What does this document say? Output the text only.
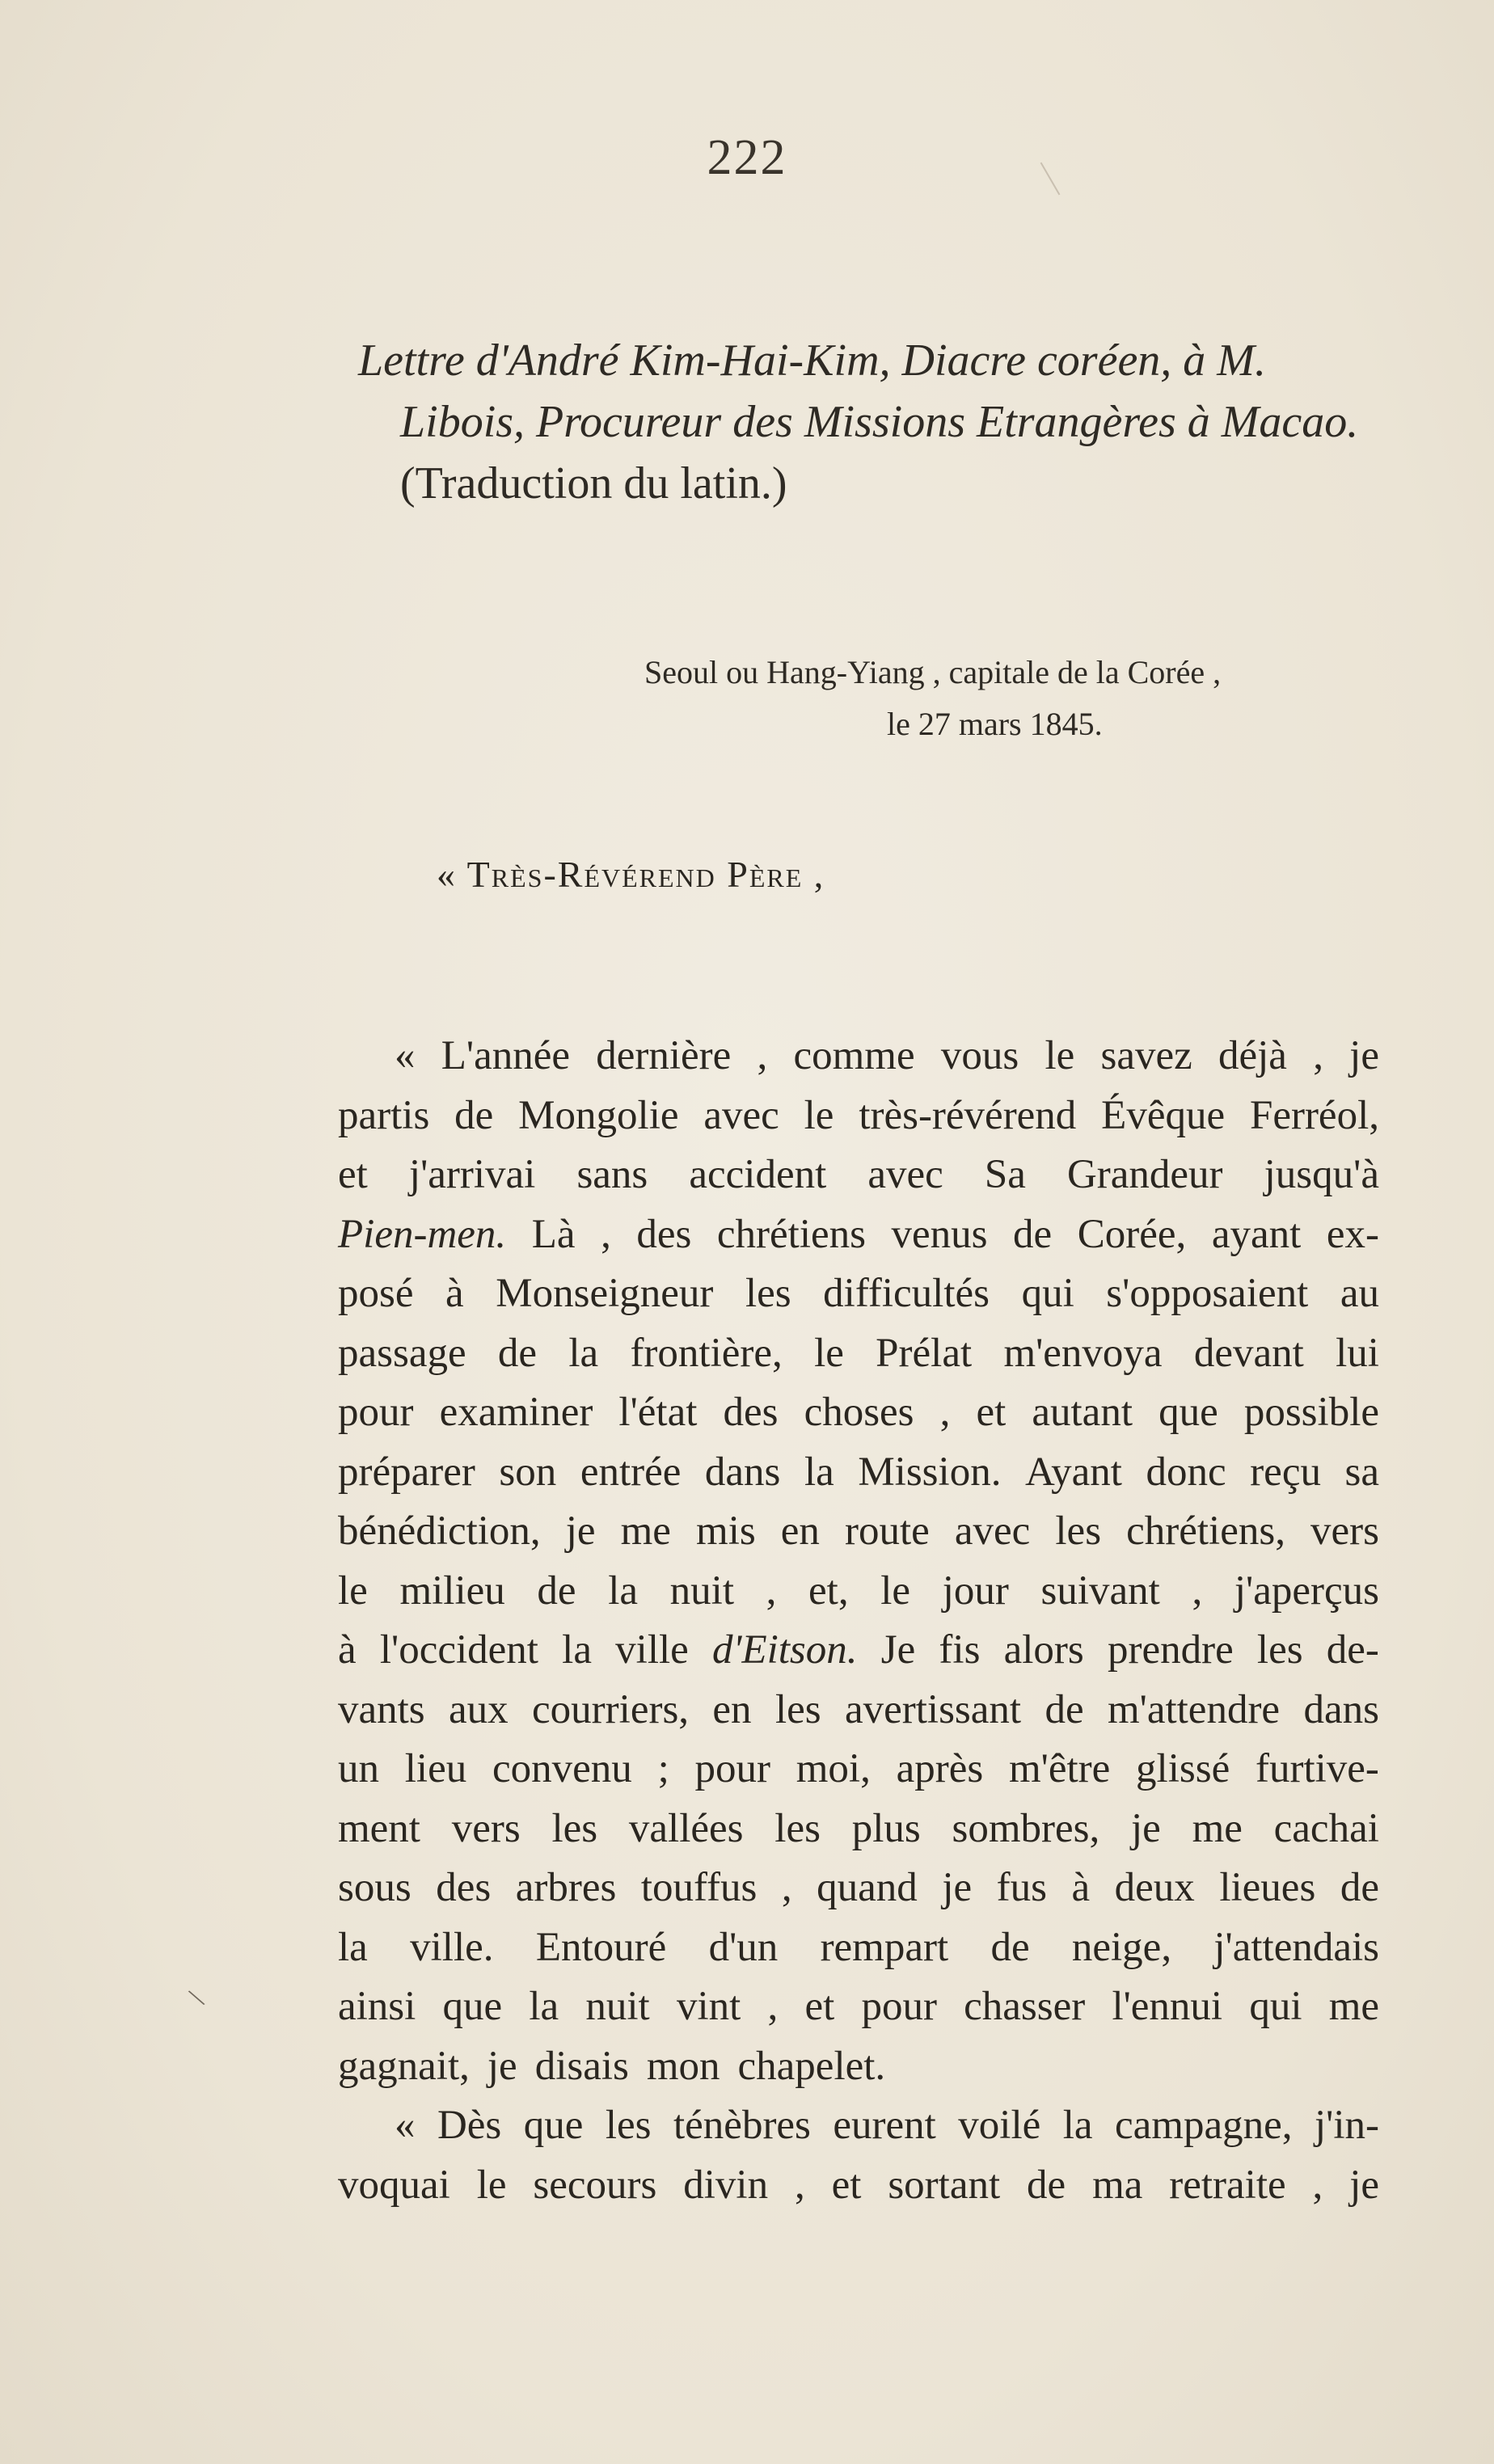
222
Lettre d'André Kim-Hai-Kim, Diacre coréen, à M.
Libois, Procureur des Missions Etrangères à Macao.
(Traduction du latin.)
Seoul ou Hang-Yiang , capitale de la Corée ,
le 27 mars 1845.
« Très-Révérend Père ,
« L'année dernière , comme vous le savez déjà , je
partis de Mongolie avec le très-révérend Évêque Ferréol,
et j'arrivai sans accident avec Sa Grandeur jusqu'à
Pien-men. Là , des chrétiens venus de Corée, ayant ex-
posé à Monseigneur les difficultés qui s'opposaient au
passage de la frontière, le Prélat m'envoya devant lui
pour examiner l'état des choses , et autant que possible
préparer son entrée dans la Mission. Ayant donc reçu sa
bénédiction, je me mis en route avec les chrétiens, vers
le milieu de la nuit , et, le jour suivant , j'aperçus
à l'occident la ville d'Eitson. Je fis alors prendre les de-
vants aux courriers, en les avertissant de m'attendre dans
un lieu convenu ; pour moi, après m'être glissé furtive-
ment vers les vallées les plus sombres, je me cachai
sous des arbres touffus , quand je fus à deux lieues de
la ville. Entouré d'un rempart de neige, j'attendais
ainsi que la nuit vint , et pour chasser l'ennui qui me
gagnait, je disais mon chapelet.
« Dès que les ténèbres eurent voilé la campagne, j'in-
voquai le secours divin , et sortant de ma retraite , je
\
